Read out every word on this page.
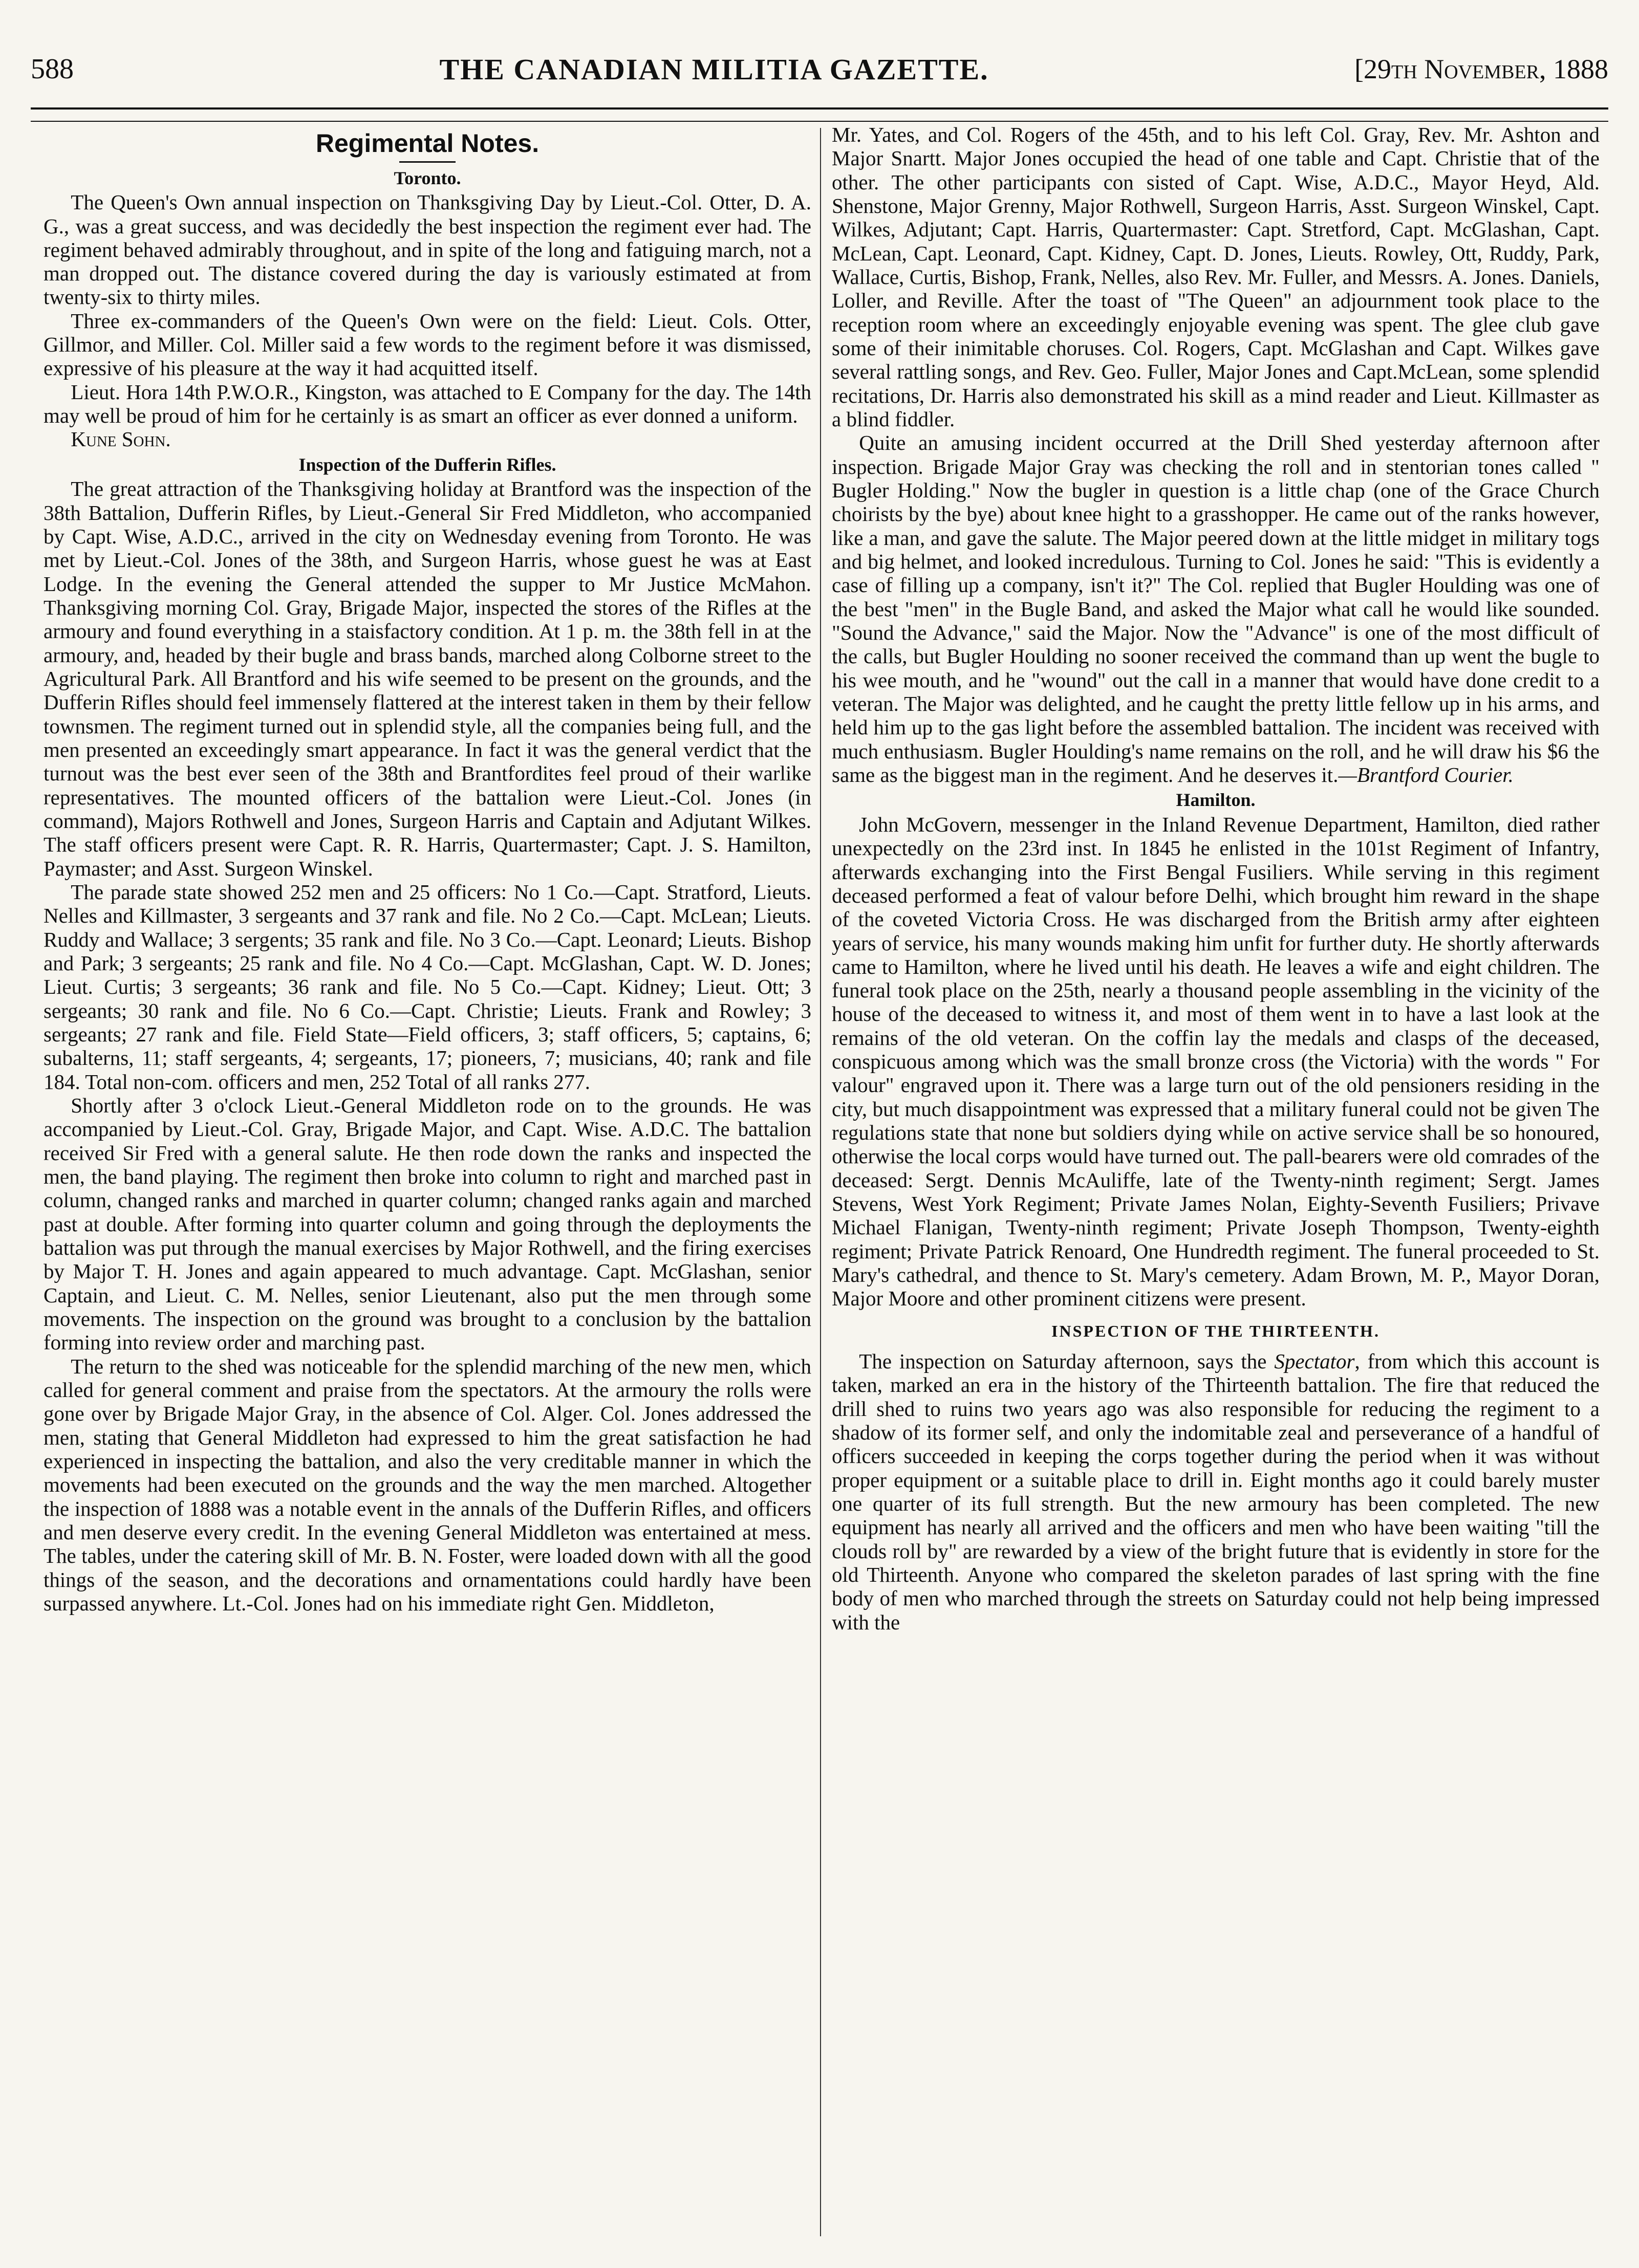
588	THE CANADIAN MILITIA GAZETTE.	[29th November, 1888
Regimental Notes.
Toronto.

The Queen's Own annual inspection on Thanksgiving Day by Lieut.-Col. Otter, D. A. G., was a great success, and was decidedly the best inspection the regiment ever had. The regiment behaved admirably throughout, and in spite of the long and fatiguing march, not a man dropped out. The distance covered during the day is variously estimated at from twenty-six to thirty miles.

Three ex-commanders of the Queen's Own were on the field: Lieut. Cols. Otter, Gillmor, and Miller. Col. Miller said a few words to the regiment before it was dismissed, expressive of his pleasure at the way it had acquitted itself.

Lieut. Hora 14th P.W.O.R., Kingston, was attached to E Company for the day. The 14th may well be proud of him for he certainly is as smart an officer as ever donned a uniform.

Kune Sohn.

Inspection of the Dufferin Rifles.

The great attraction of the Thanksgiving holiday at Brantford was the inspection of the 38th Battalion, Dufferin Rifles, by Lieut.-General Sir Fred Middleton, who accompanied by Capt. Wise, A.D.C., arrived in the city on Wednesday evening from Toronto. He was met by Lieut.-Col. Jones of the 38th, and Surgeon Harris, whose guest he was at East Lodge. In the evening the General attended the supper to Mr Justice McMahon. Thanksgiving morning Col. Gray, Brigade Major, inspected the stores of the Rifles at the armoury and found everything in a staisfactory condition. At 1 p. m. the 38th fell in at the armoury, and, headed by their bugle and brass bands, marched along Colborne street to the Agricultural Park. All Brantford and his wife seemed to be present on the grounds, and the Dufferin Rifles should feel immensely flattered at the interest taken in them by their fellow townsmen. The regiment turned out in splendid style, all the companies being full, and the men presented an exceedingly smart appearance. In fact it was the general verdict that the turnout was the best ever seen of the 38th and Brantfordites feel proud of their warlike representatives. The mounted officers of the battalion were Lieut.-Col. Jones (in command), Majors Rothwell and Jones, Surgeon Harris and Captain and Adjutant Wilkes. The staff officers present were Capt. R. R. Harris, Quartermaster; Capt. J. S. Hamilton, Paymaster; and Asst. Surgeon Winskel.

The parade state showed 252 men and 25 officers: No 1 Co.—Capt. Stratford, Lieuts. Nelles and Killmaster, 3 sergeants and 37 rank and file. No 2 Co.—Capt. McLean; Lieuts. Ruddy and Wallace; 3 sergents; 35 rank and file. No 3 Co.—Capt. Leonard; Lieuts. Bishop and Park; 3 sergeants; 25 rank and file. No 4 Co.—Capt. McGlashan, Capt. W. D. Jones; Lieut. Curtis; 3 sergeants; 36 rank and file. No 5 Co.—Capt. Kidney; Lieut. Ott; 3 sergeants; 30 rank and file. No 6 Co.—Capt. Christie; Lieuts. Frank and Rowley; 3 sergeants; 27 rank and file. Field State—Field officers, 3; staff officers, 5; captains, 6; subalterns, 11; staff sergeants, 4; sergeants, 17; pioneers, 7; musicians, 40; rank and file 184. Total non-com. officers and men, 252 Total of all ranks 277.

Shortly after 3 o'clock Lieut.-General Middleton rode on to the grounds. He was accompanied by Lieut.-Col. Gray, Brigade Major, and Capt. Wise. A.D.C. The battalion received Sir Fred with a general salute. He then rode down the ranks and inspected the men, the band playing. The regiment then broke into column to right and marched past in column, changed ranks and marched in quarter column; changed ranks again and marched past at double. After forming into quarter column and going through the deployments the battalion was put through the manual exercises by Major Rothwell, and the firing exercises by Major T. H. Jones and again appeared to much advantage. Capt. McGlashan, senior Captain, and Lieut. C. M. Nelles, senior Lieutenant, also put the men through some movements. The inspection on the ground was brought to a conclusion by the battalion forming into review order and marching past.

The return to the shed was noticeable for the splendid marching of the new men, which called for general comment and praise from the spectators. At the armoury the rolls were gone over by Brigade Major Gray, in the absence of Col. Alger. Col. Jones addressed the men, stating that General Middleton had expressed to him the great satisfaction he had experienced in inspecting the battalion, and also the very creditable manner in which the movements had been executed on the grounds and the way the men marched. Altogether the inspection of 1888 was a notable event in the annals of the Dufferin Rifles, and officers and men deserve every credit. In the evening General Middleton was entertained at mess. The tables, under the catering skill of Mr. B. N. Foster, were loaded down with all the good things of the season, and the decorations and ornamentations could hardly have been surpassed anywhere. Lt.-Col. Jones had on his immediate right Gen. Middleton,

Mr. Yates, and Col. Rogers of the 45th, and to his left Col. Gray, Rev. Mr. Ashton and Major Snartt. Major Jones occupied the head of one table and Capt. Christie that of the other. The other participants con sisted of Capt. Wise, A.D.C., Mayor Heyd, Ald. Shenstone, Major Grenny, Major Rothwell, Surgeon Harris, Asst. Surgeon Winskel, Capt. Wilkes, Adjutant; Capt. Harris, Quartermaster: Capt. Stretford, Capt. McGlashan, Capt. McLean, Capt. Leonard, Capt. Kidney, Capt. D. Jones, Lieuts. Rowley, Ott, Ruddy, Park, Wallace, Curtis, Bishop, Frank, Nelles, also Rev. Mr. Fuller, and Messrs. A. Jones. Daniels, Loller, and Reville. After the toast of "The Queen" an adjournment took place to the reception room where an exceedingly enjoyable evening was spent. The glee club gave some of their inimitable choruses. Col. Rogers, Capt. McGlashan and Capt. Wilkes gave several rattling songs, and Rev. Geo. Fuller, Major Jones and Capt.McLean, some splendid recitations, Dr. Harris also demonstrated his skill as a mind reader and Lieut. Killmaster as a blind fiddler.

Quite an amusing incident occurred at the Drill Shed yesterday afternoon after inspection. Brigade Major Gray was checking the roll and in stentorian tones called " Bugler Holding." Now the bugler in question is a little chap (one of the Grace Church choirists by the bye) about knee hight to a grasshopper. He came out of the ranks however, like a man, and gave the salute. The Major peered down at the little midget in military togs and big helmet, and looked incredulous. Turning to Col. Jones he said: "This is evidently a case of filling up a company, isn't it?" The Col. replied that Bugler Houlding was one of the best "men" in the Bugle Band, and asked the Major what call he would like sounded. "Sound the Advance," said the Major. Now the "Advance" is one of the most difficult of the calls, but Bugler Houlding no sooner received the command than up went the bugle to his wee mouth, and he "wound" out the call in a manner that would have done credit to a veteran. The Major was delighted, and he caught the pretty little fellow up in his arms, and held him up to the gas light before the assembled battalion. The incident was received with much enthusiasm. Bugler Houlding's name remains on the roll, and he will draw his $6 the same as the biggest man in the regiment. And he deserves it.—Brantford Courier.

Hamilton.

John McGovern, messenger in the Inland Revenue Department, Hamilton, died rather unexpectedly on the 23rd inst. In 1845 he enlisted in the 101st Regiment of Infantry, afterwards exchanging into the First Bengal Fusiliers. While serving in this regiment deceased performed a feat of valour before Delhi, which brought him reward in the shape of the coveted Victoria Cross. He was discharged from the British army after eighteen years of service, his many wounds making him unfit for further duty. He shortly afterwards came to Hamilton, where he lived until his death. He leaves a wife and eight children. The funeral took place on the 25th, nearly a thousand people assembling in the vicinity of the house of the deceased to witness it, and most of them went in to have a last look at the remains of the old veteran. On the coffin lay the medals and clasps of the deceased, conspicuous among which was the small bronze cross (the Victoria) with the words " For valour" engraved upon it. There was a large turn out of the old pensioners residing in the city, but much disappointment was expressed that a military funeral could not be given The regulations state that none but soldiers dying while on active service shall be so honoured, otherwise the local corps would have turned out. The pall-bearers were old comrades of the deceased: Sergt. Dennis McAuliffe, late of the Twenty-ninth regiment; Sergt. James Stevens, West York Regiment; Private James Nolan, Eighty-Seventh Fusiliers; Privave Michael Flanigan, Twenty-ninth regiment; Private Joseph Thompson, Twenty-eighth regiment; Private Patrick Renoard, One Hundredth regiment. The funeral proceeded to St. Mary's cathedral, and thence to St. Mary's cemetery. Adam Brown, M. P., Mayor Doran, Major Moore and other prominent citizens were present.

INSPECTION OF THE THIRTEENTH.

The inspection on Saturday afternoon, says the Spectator, from which this account is taken, marked an era in the history of the Thirteenth battalion. The fire that reduced the drill shed to ruins two years ago was also responsible for reducing the regiment to a shadow of its former self, and only the indomitable zeal and perseverance of a handful of officers succeeded in keeping the corps together during the period when it was without proper equipment or a suitable place to drill in. Eight months ago it could barely muster one quarter of its full strength. But the new armoury has been completed. The new equipment has nearly all arrived and the officers and men who have been waiting "till the clouds roll by" are rewarded by a view of the bright future that is evidently in store for the old Thirteenth. Anyone who compared the skeleton parades of last spring with the fine body of men who marched through the streets on Saturday could not help being impressed with the
